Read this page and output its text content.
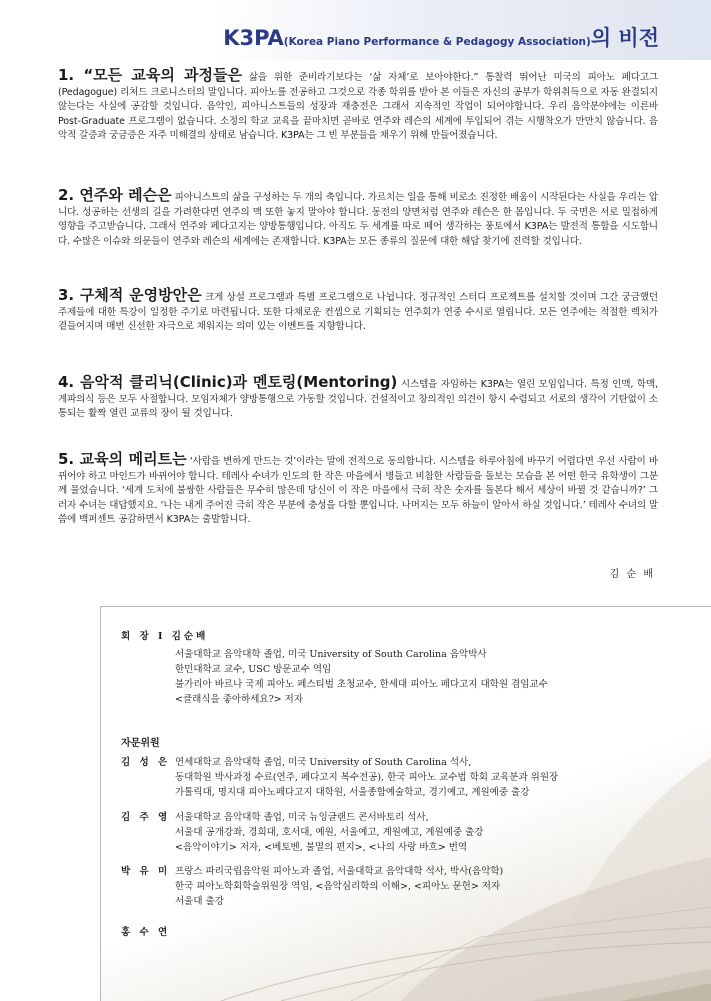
K3PA(Korea Piano Performance & Pedagogy Association)의 비전
1. “모든 교육의 과정들은 삶을 위한 준비라기보다는 ‘삶 자체’로 보아야한다.” 통찰력 뛰어난 미국의 피아노 페다고그(Pedagogue) 리처드 크로니스터의 말입니다. 피아노를 전공하고 그것으로 각종 학위를 받아 본 이들은 자신의 공부가 학위취득으로 자동 완결되지 않는다는 사실에 공감할 것입니다. 음악인, 피아니스트들의 성장과 재충전은 그래서 지속적인 작업이 되어야합니다. 우리 음악분야에는 이른바 Post-Graduate 프로그램이 없습니다. 소정의 학교 교육을 끝마치면 곧바로 연주와 레슨의 세계에 투입되어 겪는 시행착오가 만만치 않습니다. 음악적 갈증과 궁금증은 자주 미해결의 상태로 남습니다. K3PA는 그 빈 부분들을 채우기 위해 만들어졌습니다.
2. 연주와 레슨은 피아니스트의 삶을 구성하는 두 개의 축입니다. 가르치는 일을 통해 비로소 진정한 배움이 시작된다는 사실을 우리는 압니다. 성공하는 선생의 길을 가려한다면 연주의 맥 또한 놓지 말아야 합니다. 동전의 양면처럼 연주와 레슨은 한 몸입니다. 두 국면은 서로 밀접하게 영향을 주고받습니다. 그래서 연주와 페다고지는 양방통행입니다. 아직도 두 세계를 따로 떼어 생각하는 풍토에서 K3PA는 발전적 통합을 시도합니다. 수많은 이슈와 의문들이 연주와 레슨의 세계에는 존재합니다. K3PA는 모든 종류의 질문에 대한 해답 찾기에 진력할 것입니다.
3. 구체적 운영방안은 크게 상설 프로그램과 특별 프로그램으로 나뉩니다. 정규적인 스터디 프로젝트를 설치할 것이며 그간 궁금했던 주제들에 대한 특강이 일정한 주기로 마련됩니다. 또한 다채로운 컨셉으로 기획되는 연주회가 연중 수시로 열립니다. 모든 연주에는 적절한 렉처가 곁들여지며 매번 신선한 자극으로 채워지는 의미 있는 이벤트를 지향합니다.
4. 음악적 클리닉(Clinic)과 멘토링(Mentoring) 시스템을 자임하는 K3PA는 열린 모임입니다. 특정 인맥, 학맥, 계파의식 등은 모두 사절합니다. 모임자체가 양방통행으로 가동할 것입니다. 건설적이고 창의적인 의견이 항시 수렴되고 서로의 생각이 기탄없이 소통되는 활짝 열린 교류의 장이 될 것입니다.
5. 교육의 메리트는 ‘사람을 변하게 만드는 것’이라는 말에 전적으로 동의합니다. 시스템을 하루아침에 바꾸기 어렵다면 우선 사람이 바뀌어야 하고 마인드가 바뀌어야 합니다. 테레사 수녀가 인도의 한 작은 마을에서 병들고 비참한 사람들을 돌보는 모습을 본 어떤 한국 유학생이 그분께 물었습니다. ‘세계 도처에 불쌍한 사람들은 무수히 많은데 당신이 이 작은 마을에서 극히 작은 숫자를 돌본다 해서 세상이 바뀔 것 같습니까?’ 그러자 수녀는 대답했지요. ‘나는 내게 주어진 극히 작은 부분에 충성을 다할 뿐입니다. 나머지는 모두 하늘이 알아서 하실 것입니다.’ 테레사 수녀의 말씀에 백퍼센트 공감하면서 K3PA는 출발합니다.
김 순 배
회 장 I 김순배
서울대학교 음악대학 졸업, 미국 University of South Carolina 음악박사
한민대학교 교수, USC 방문교수 역임
불가리아 바르나 국제 피아노 페스티벌 초청교수, 한세대 피아노 페다고지 대학원 겸임교수
<클래식을 좋아하세요?> 저자
자문위원
김 성 은 연세대학교 음악대학 졸업, 미국 University of South Carolina 석사,
동대학원 박사과정 수료(연주, 페다고지 복수전공), 한국 피아노 교수법 학회 교육분과 위원장
가톨릭대, 명지대 피아노페다고지 대학원, 서울종합예술학교, 경기예고, 계원예중 출강
김 주 영 서울대학교 음악대학 졸업, 미국 뉴잉글랜드 콘서바토리 석사,
서울대 공개강좌, 경희대, 호서대, 예원, 서울예고, 계원예고, 계원예중 출강
<음악이야기> 저자, <베토벤, 불멸의 편지>, <나의 사랑 바흐> 번역
박 유 미 프랑스 파리국립음악원 피아노과 졸업, 서울대학교 음악대학 석사, 박사(음악학)
한국 피아노학회학술위원장 역임, <음악심리학의 이해>, <피아노 문헌> 저자
서울대 출강
홍 수 연
